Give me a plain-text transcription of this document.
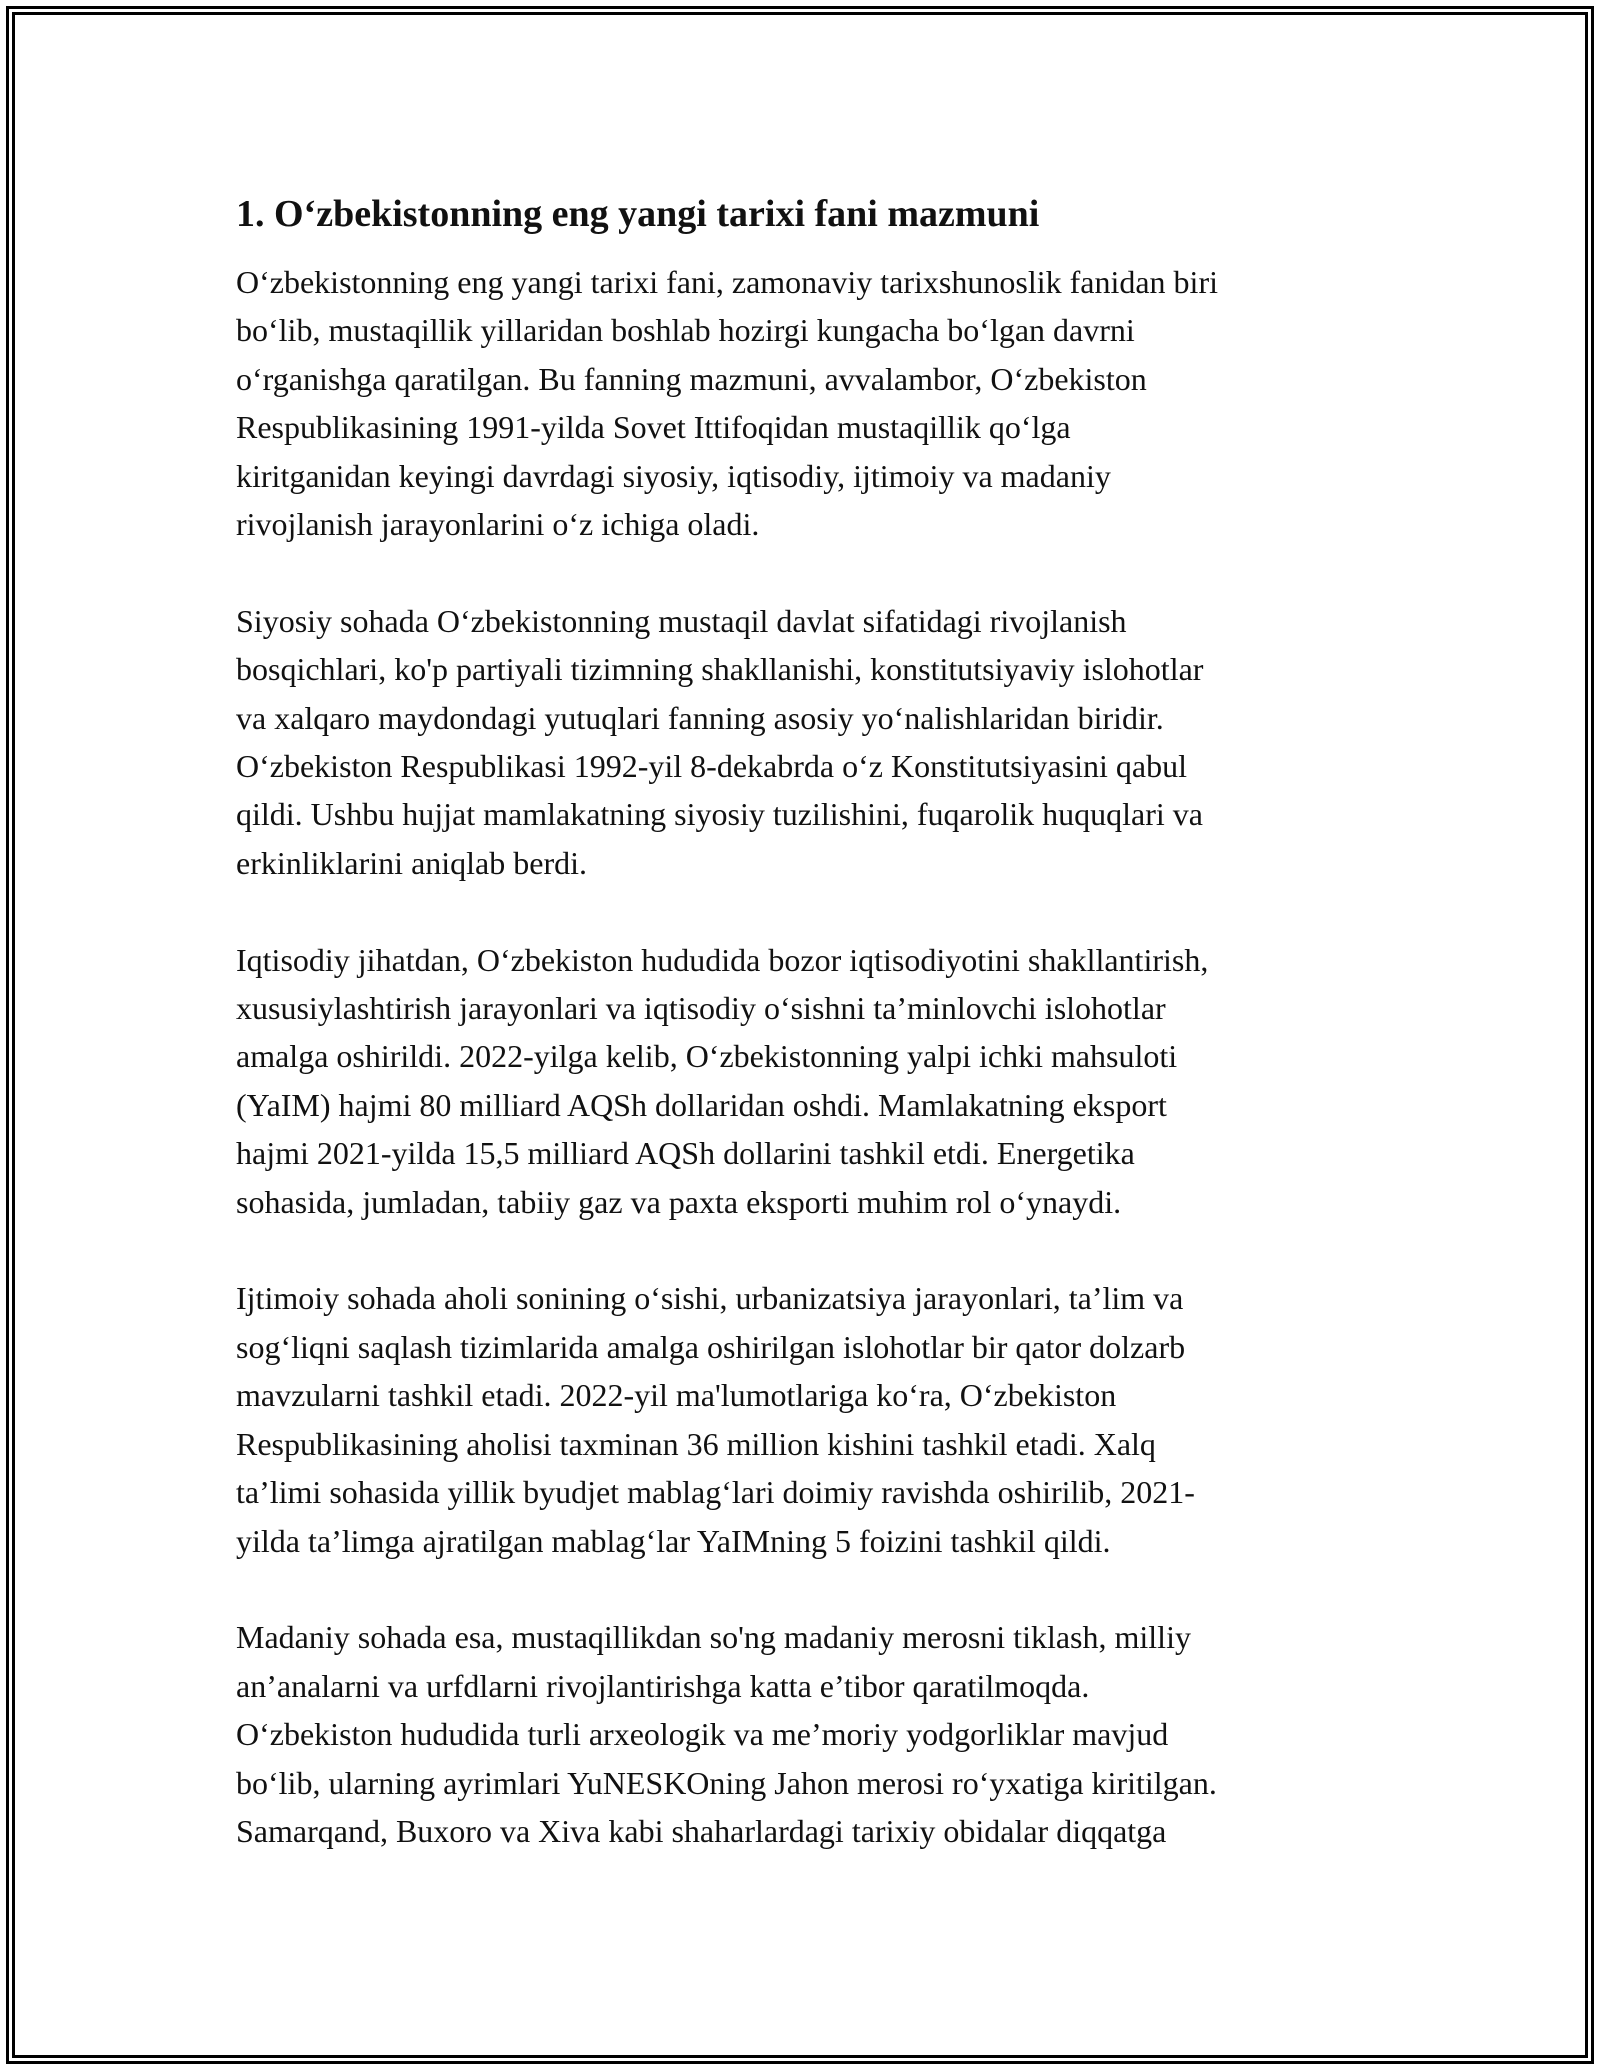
1. O‘zbekistonning eng yangi tarixi fani mazmuni

O‘zbekistonning eng yangi tarixi fani, zamonaviy tarixshunoslik fanidan biri
bo‘lib, mustaqillik yillaridan boshlab hozirgi kungacha bo‘lgan davrni
o‘rganishga qaratilgan. Bu fanning mazmuni, avvalambor, O‘zbekiston
Respublikasining 1991-yilda Sovet Ittifoqidan mustaqillik qo‘lga
kiritganidan keyingi davrdagi siyosiy, iqtisodiy, ijtimoiy va madaniy
rivojlanish jarayonlarini o‘z ichiga oladi.

Siyosiy sohada O‘zbekistonning mustaqil davlat sifatidagi rivojlanish
bosqichlari, ko'p partiyali tizimning shakllanishi, konstitutsiyaviy islohotlar
va xalqaro maydondagi yutuqlari fanning asosiy yo‘nalishlaridan biridir.
O‘zbekiston Respublikasi 1992-yil 8-dekabrda o‘z Konstitutsiyasini qabul
qildi. Ushbu hujjat mamlakatning siyosiy tuzilishini, fuqarolik huquqlari va
erkinliklarini aniqlab berdi.

Iqtisodiy jihatdan, O‘zbekiston hududida bozor iqtisodiyotini shakllantirish,
xususiylashtirish jarayonlari va iqtisodiy o‘sishni ta’minlovchi islohotlar
amalga oshirildi. 2022-yilga kelib, O‘zbekistonning yalpi ichki mahsuloti
(YaIM) hajmi 80 milliard AQSh dollaridan oshdi. Mamlakatning eksport
hajmi 2021-yilda 15,5 milliard AQSh dollarini tashkil etdi. Energetika
sohasida, jumladan, tabiiy gaz va paxta eksporti muhim rol o‘ynaydi.

Ijtimoiy sohada aholi sonining o‘sishi, urbanizatsiya jarayonlari, ta’lim va
sog‘liqni saqlash tizimlarida amalga oshirilgan islohotlar bir qator dolzarb
mavzularni tashkil etadi. 2022-yil ma'lumotlariga ko‘ra, O‘zbekiston
Respublikasining aholisi taxminan 36 million kishini tashkil etadi. Xalq
ta’limi sohasida yillik byudjet mablag‘lari doimiy ravishda oshirilib, 2021-
yilda ta’limga ajratilgan mablag‘lar YaIMning 5 foizini tashkil qildi.

Madaniy sohada esa, mustaqillikdan so'ng madaniy merosni tiklash, milliy
an’analarni va urfdlarni rivojlantirishga katta e’tibor qaratilmoqda.
O‘zbekiston hududida turli arxeologik va me’moriy yodgorliklar mavjud
bo‘lib, ularning ayrimlari YuNESKOning Jahon merosi ro‘yxatiga kiritilgan.
Samarqand, Buxoro va Xiva kabi shaharlardagi tarixiy obidalar diqqatga
